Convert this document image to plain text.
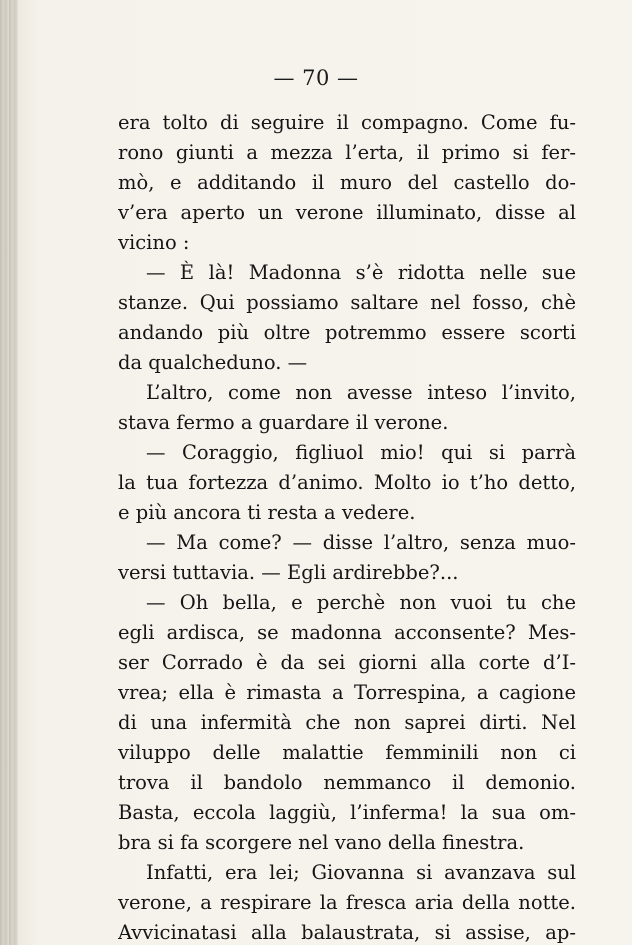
— 70 —
era tolto di seguire il compagno. Come fu-
rono giunti a mezza l’erta, il primo si fer-
mò, e additando il muro del castello do-
v’era aperto un verone illuminato, disse al
vicino :
— È là! Madonna s’è ridotta nelle sue
stanze. Qui possiamo saltare nel fosso, chè
andando più oltre potremmo essere scorti
da qualcheduno. —
L’altro, come non avesse inteso l’invito,
stava fermo a guardare il verone.
— Coraggio, figliuol mio! qui si parrà
la tua fortezza d’animo. Molto io t’ho detto,
e più ancora ti resta a vedere.
— Ma come? — disse l’altro, senza muo-
versi tuttavia. — Egli ardirebbe?...
— Oh bella, e perchè non vuoi tu che
egli ardisca, se madonna acconsente? Mes-
ser Corrado è da sei giorni alla corte d’I-
vrea; ella è rimasta a Torrespina, a cagione
di una infermità che non saprei dirti. Nel
viluppo delle malattie femminili non ci
trova il bandolo nemmanco il demonio.
Basta, eccola laggiù, l’inferma! la sua om-
bra si fa scorgere nel vano della finestra.
Infatti, era lei; Giovanna si avanzava sul
verone, a respirare la fresca aria della notte.
Avvicinatasi alla balaustrata, si assise, ap-
